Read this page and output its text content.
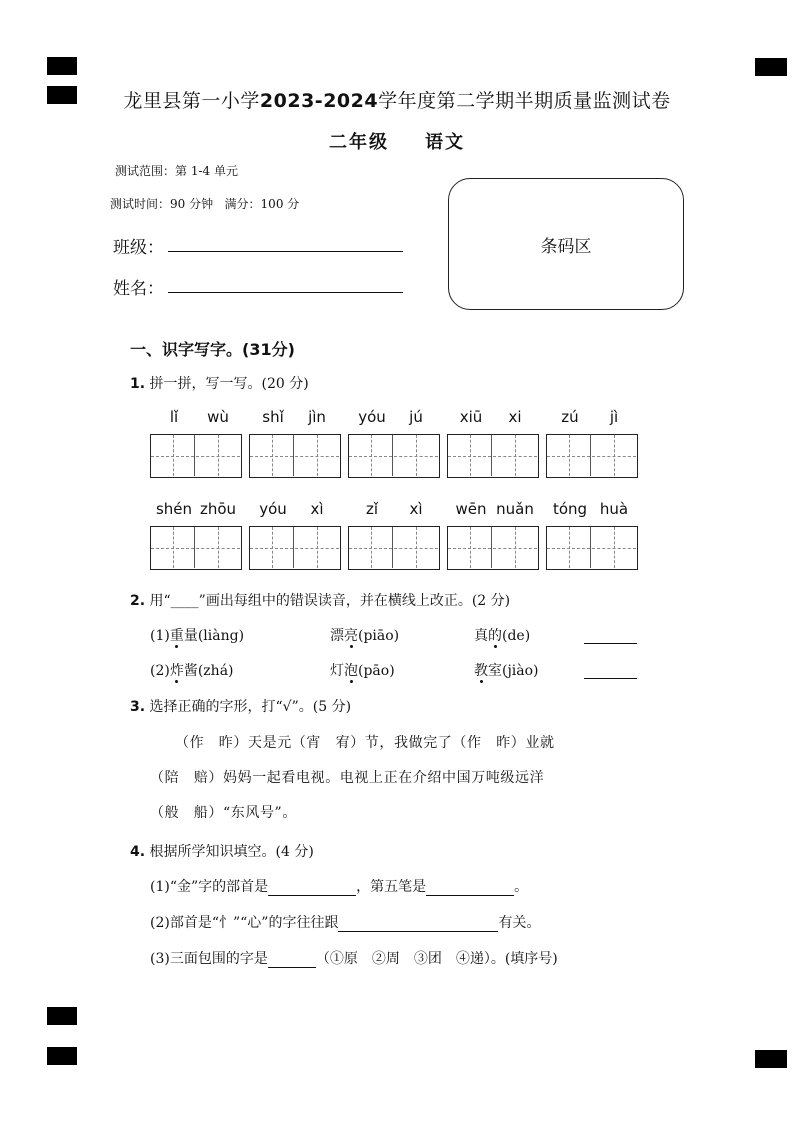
龙里县第一小学2023-2024学年度第二学期半期质量监测试卷
二年级 语文
测试范围：第 1-4 单元
测试时间：90 分钟 满分：100 分
班级：
姓名：
条码区
一、识字写字。(31分)
1. 拼一拼，写一写。(20 分)
lǐ wù	shǐ jìn	yóu jú	xiū xi	zú jì
shén zhōu	yóu xì	zǐ xì	wēn nuǎn	tóng huà
2. 用“____”画出每组中的错误读音，并在横线上改正。(2 分)
(1)重量(liàng)	漂亮(piāo)	真的(de)
(2)炸酱(zhá)	灯泡(pāo)	教室(jiào)
3. 选择正确的字形，打“√”。(5 分)
（作　昨）天是元（宵　宥）节，我做完了（作　昨）业就
（陪　赔）妈妈一起看电视。电视上正在介绍中国万吨级远洋
（般　船）“东风号”。
4. 根据所学知识填空。(4 分)
(1)“金”字的部首是	，第五笔是	。
(2)部首是“忄”“心”的字往往跟	有关。
(3)三面包围的字是	（①原　②周　③团　④递）。(填序号)
